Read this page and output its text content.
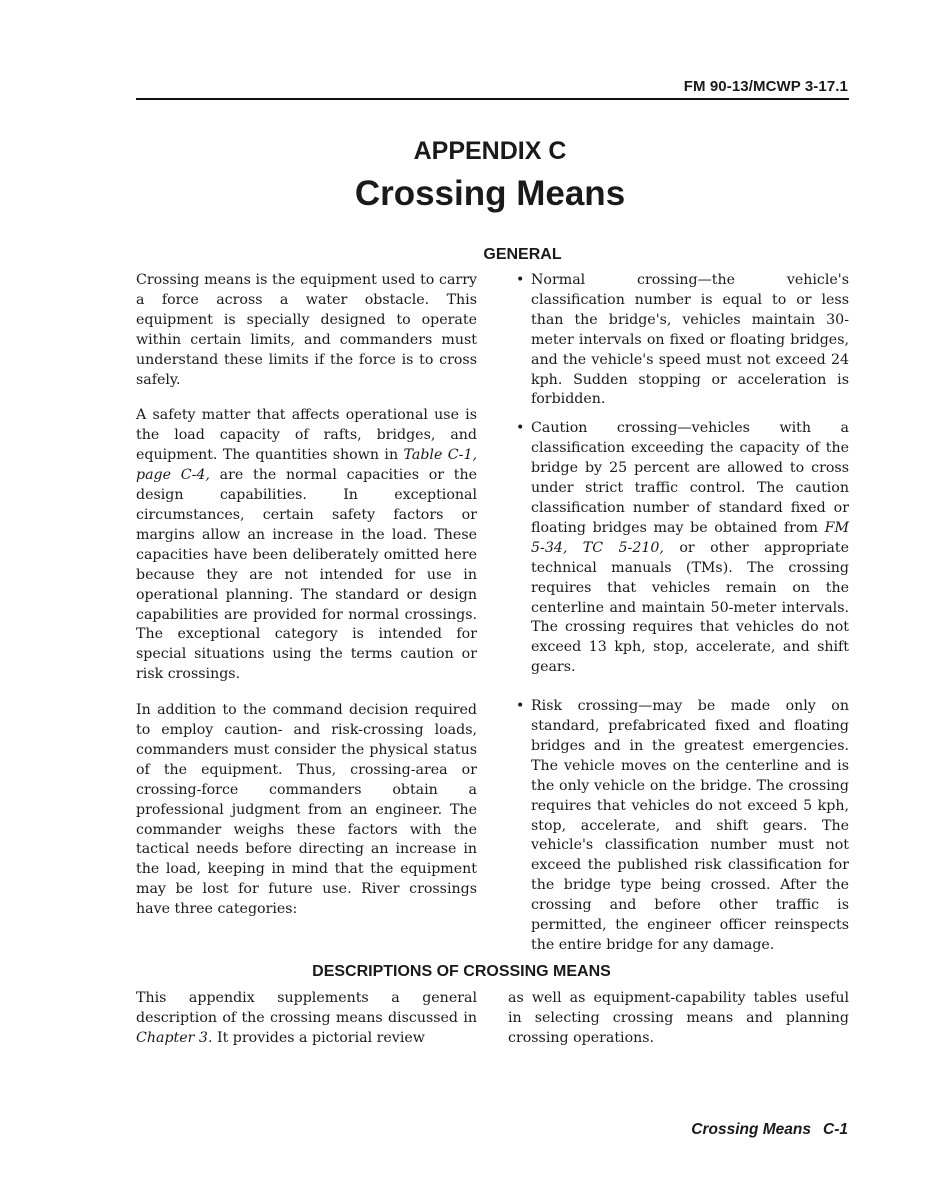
FM 90-13/MCWP 3-17.1
APPENDIX C
Crossing Means
GENERAL

Crossing means is the equipment used to carry a force across a water obstacle. This equipment is specially designed to operate within certain limits, and commanders must understand these limits if the force is to cross safely.

A safety matter that affects operational use is the load capacity of rafts, bridges, and equipment. The quantities shown in Table C-1, page C-4, are the normal capacities or the design capabilities. In exceptional circumstances, certain safety factors or margins allow an increase in the load. These capacities have been deliberately omitted here because they are not intended for use in operational planning. The standard or design capabilities are provided for normal crossings. The exceptional category is intended for special situations using the terms caution or risk crossings.

In addition to the command decision required to employ caution- and risk-crossing loads, commanders must consider the physical status of the equipment. Thus, crossing-area or crossing-force commanders obtain a professional judgment from an engineer. The commander weighs these factors with the tactical needs before directing an increase in the load, keeping in mind that the equipment may be lost for future use. River crossings have three categories:

• Normal crossing—the vehicle's classification number is equal to or less than the bridge's, vehicles maintain 30-meter intervals on fixed or floating bridges, and the vehicle's speed must not exceed 24 kph. Sudden stopping or acceleration is forbidden.
• Caution crossing—vehicles with a classification exceeding the capacity of the bridge by 25 percent are allowed to cross under strict traffic control. The caution classification number of standard fixed or floating bridges may be obtained from FM 5-34, TC 5-210, or other appropriate technical manuals (TMs). The crossing requires that vehicles remain on the centerline and maintain 50-meter intervals. The crossing requires that vehicles do not exceed 13 kph, stop, accelerate, and shift gears.
• Risk crossing—may be made only on standard, prefabricated fixed and floating bridges and in the greatest emergencies. The vehicle moves on the centerline and is the only vehicle on the bridge. The crossing requires that vehicles do not exceed 5 kph, stop, accelerate, and shift gears. The vehicle's classification number must not exceed the published risk classification for the bridge type being crossed. After the crossing and before other traffic is permitted, the engineer officer reinspects the entire bridge for any damage.
DESCRIPTIONS OF CROSSING MEANS
This appendix supplements a general description of the crossing means discussed in Chapter 3. It provides a pictorial review
as well as equipment-capability tables useful in selecting crossing means and planning crossing operations.
Crossing Means C-1
